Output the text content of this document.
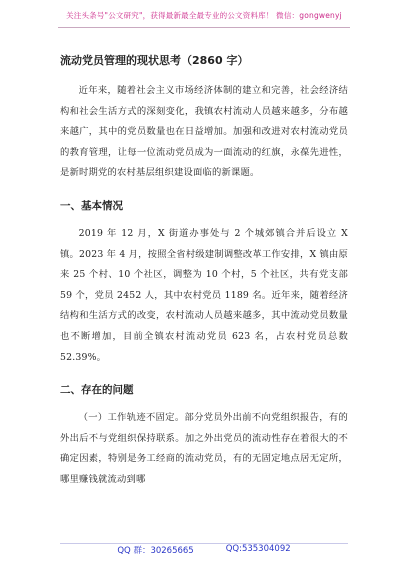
关注头条号"公文研究"，获得最新最全最专业的公文资料库！ 微信：gongwenyj
流动党员管理的现状思考（2860 字）

近年来，随着社会主义市场经济体制的建立和完善，社会经济结构和社会生活方式的深刻变化，我镇农村流动人员越来越多，分布越来越广，其中的党员数量也在日益增加。加强和改进对农村流动党员的教育管理，让每一位流动党员成为一面流动的红旗，永葆先进性，是新时期党的农村基层组织建设面临的新课题。

一、基本情况

2019 年 12 月，X 街道办事处与 2 个城郊镇合并后设立 X 镇。2023 年 4 月，按照全省村级建制调整改革工作安排，X 镇由原来 25 个村、10 个社区，调整为 10 个村，5 个社区，共有党支部 59 个，党员 2452 人，其中农村党员 1189 名。近年来，随着经济结构和生活方式的改变，农村流动人员越来越多，其中流动党员数量也不断增加，目前全镇农村流动党员 623 名，占农村党员总数 52.39%。

二、存在的问题

（一）工作轨迹不固定。部分党员外出前不向党组织报告，有的外出后不与党组织保持联系。加之外出党员的流动性存在着很大的不确定因素，特别是务工经商的流动党员，有的无固定地点居无定所，哪里赚钱就流动到哪

QQ 群：30265665	QQ:535304092
